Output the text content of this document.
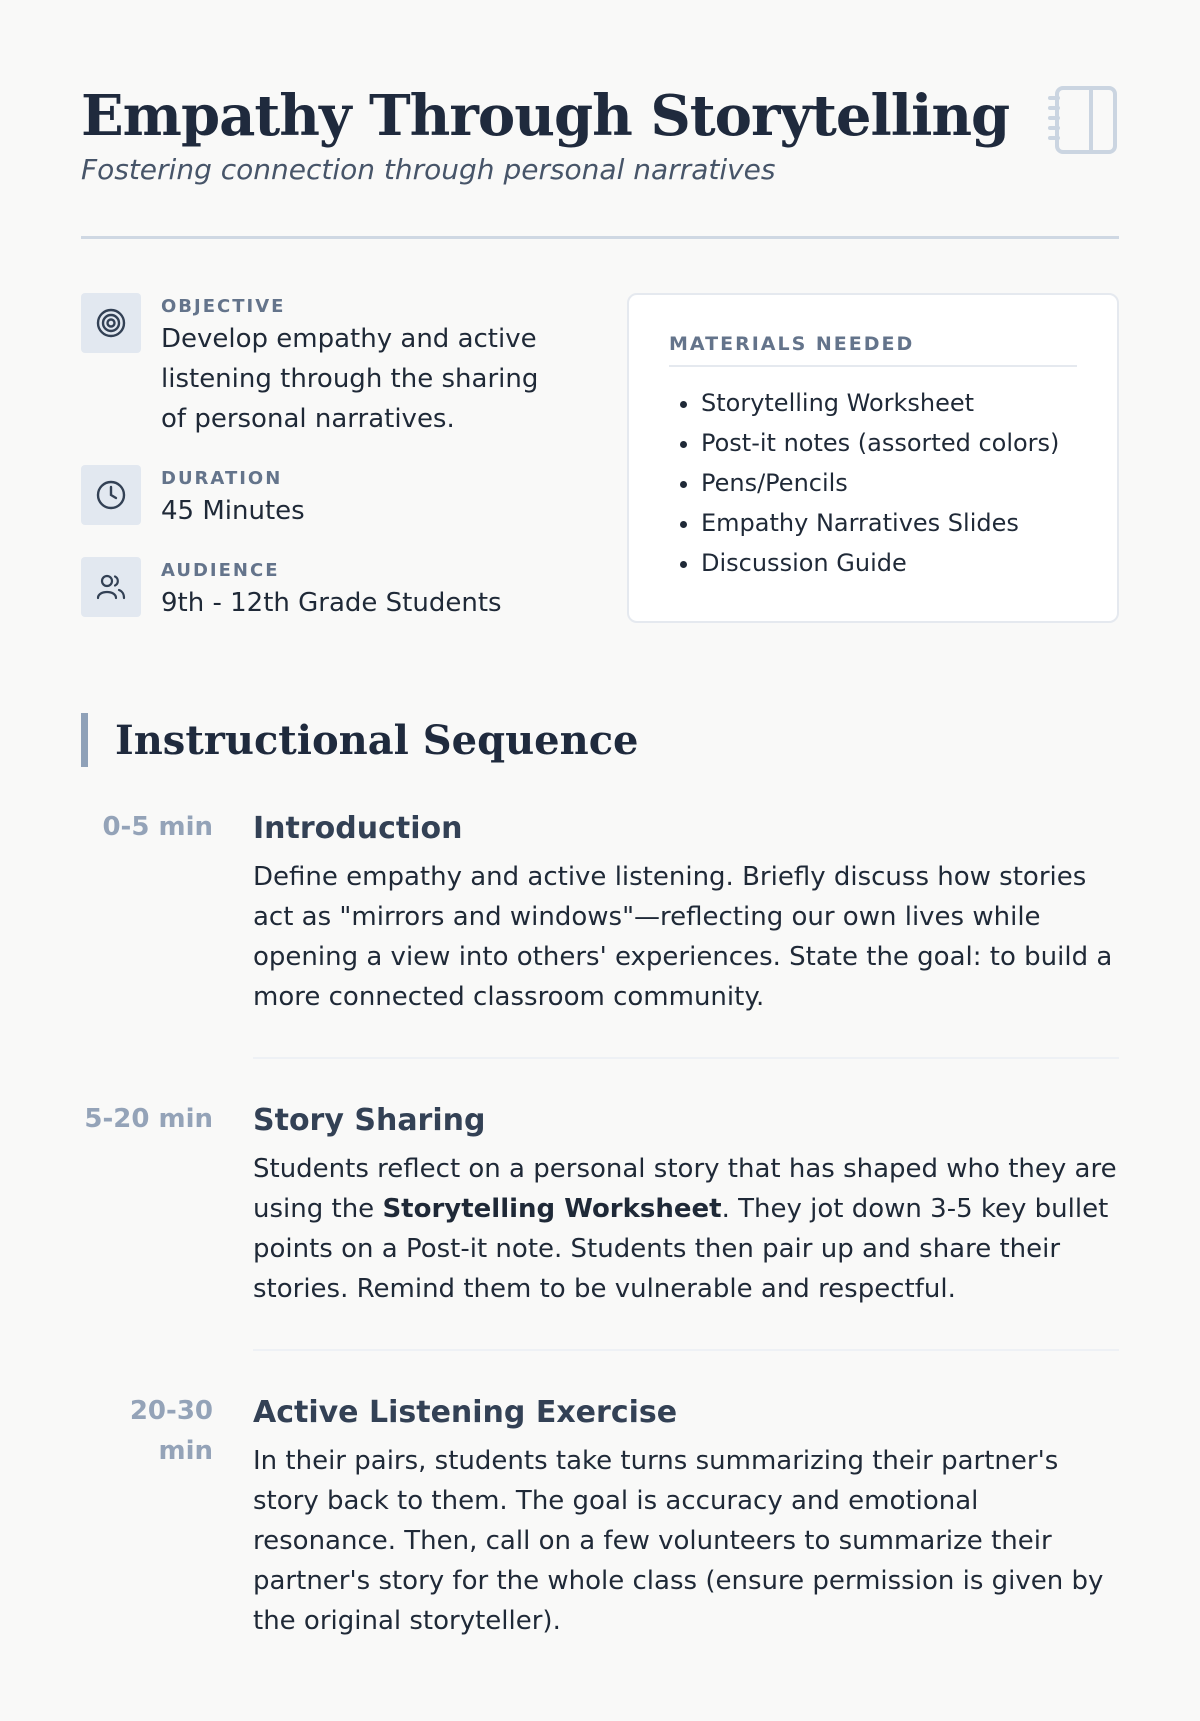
Empathy Through Storytelling

Fostering connection through personal narratives

OBJECTIVE
Develop empathy and active listening through the sharing of personal narratives.
DURATION
45 Minutes
AUDIENCE
9th - 12th Grade Students
MATERIALS NEEDED
• Storytelling Worksheet
• Post-it notes (assorted colors)
• Pens/Pencils
• Empathy Narratives Slides
• Discussion Guide
Instructional Sequence
0-5 min Introduction

Define empathy and active listening. Briefly discuss how stories act as "mirrors and windows"—reflecting our own lives while opening a view into others' experiences. State the goal: to build a more connected classroom community.

5-20 min Story Sharing

Students reflect on a personal story that has shaped who they are using the Storytelling Worksheet. They jot down 3-5 key bullet points on a Post-it note. Students then pair up and share their stories. Remind them to be vulnerable and respectful.

20-30 min
Active Listening Exercise

In their pairs, students take turns summarizing their partner's story back to them. The goal is accuracy and emotional resonance. Then, call on a few volunteers to summarize their partner's story for the whole class (ensure permission is given by the original storyteller).
